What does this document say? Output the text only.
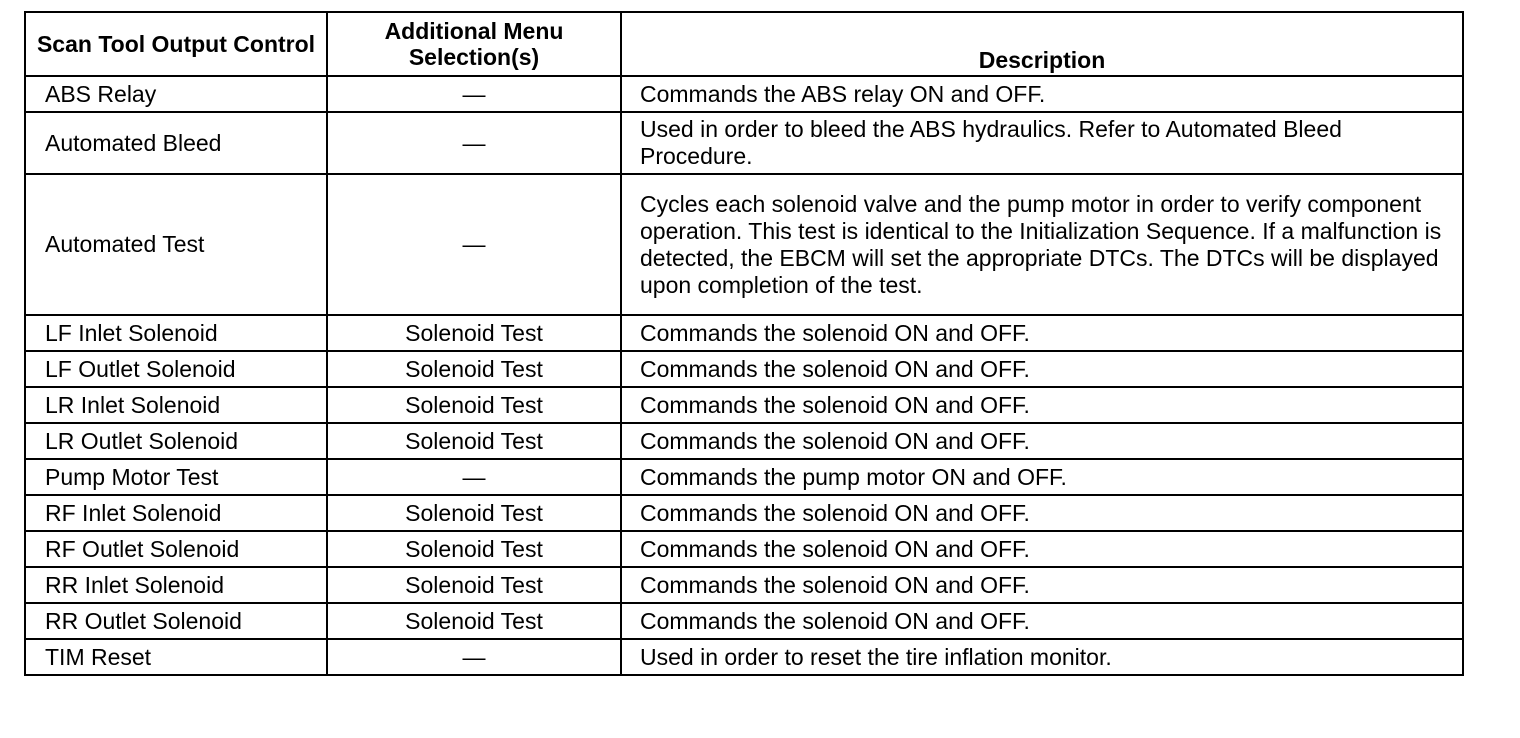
Scan Tool Output Control	Additional Menu Selection(s)	Description
ABS Relay	—	Commands the ABS relay ON and OFF.
Automated Bleed	—	Used in order to bleed the ABS hydraulics. Refer to Automated Bleed Procedure.
Automated Test	—	Cycles each solenoid valve and the pump motor in order to verify component operation. This test is identical to the Initialization Sequence. If a malfunction is detected, the EBCM will set the appropriate DTCs. The DTCs will be displayed upon completion of the test.
LF Inlet Solenoid	Solenoid Test	Commands the solenoid ON and OFF.
LF Outlet Solenoid	Solenoid Test	Commands the solenoid ON and OFF.
LR Inlet Solenoid	Solenoid Test	Commands the solenoid ON and OFF.
LR Outlet Solenoid	Solenoid Test	Commands the solenoid ON and OFF.
Pump Motor Test	—	Commands the pump motor ON and OFF.
RF Inlet Solenoid	Solenoid Test	Commands the solenoid ON and OFF.
RF Outlet Solenoid	Solenoid Test	Commands the solenoid ON and OFF.
RR Inlet Solenoid	Solenoid Test	Commands the solenoid ON and OFF.
RR Outlet Solenoid	Solenoid Test	Commands the solenoid ON and OFF.
TIM Reset	—	Used in order to reset the tire inflation monitor.
